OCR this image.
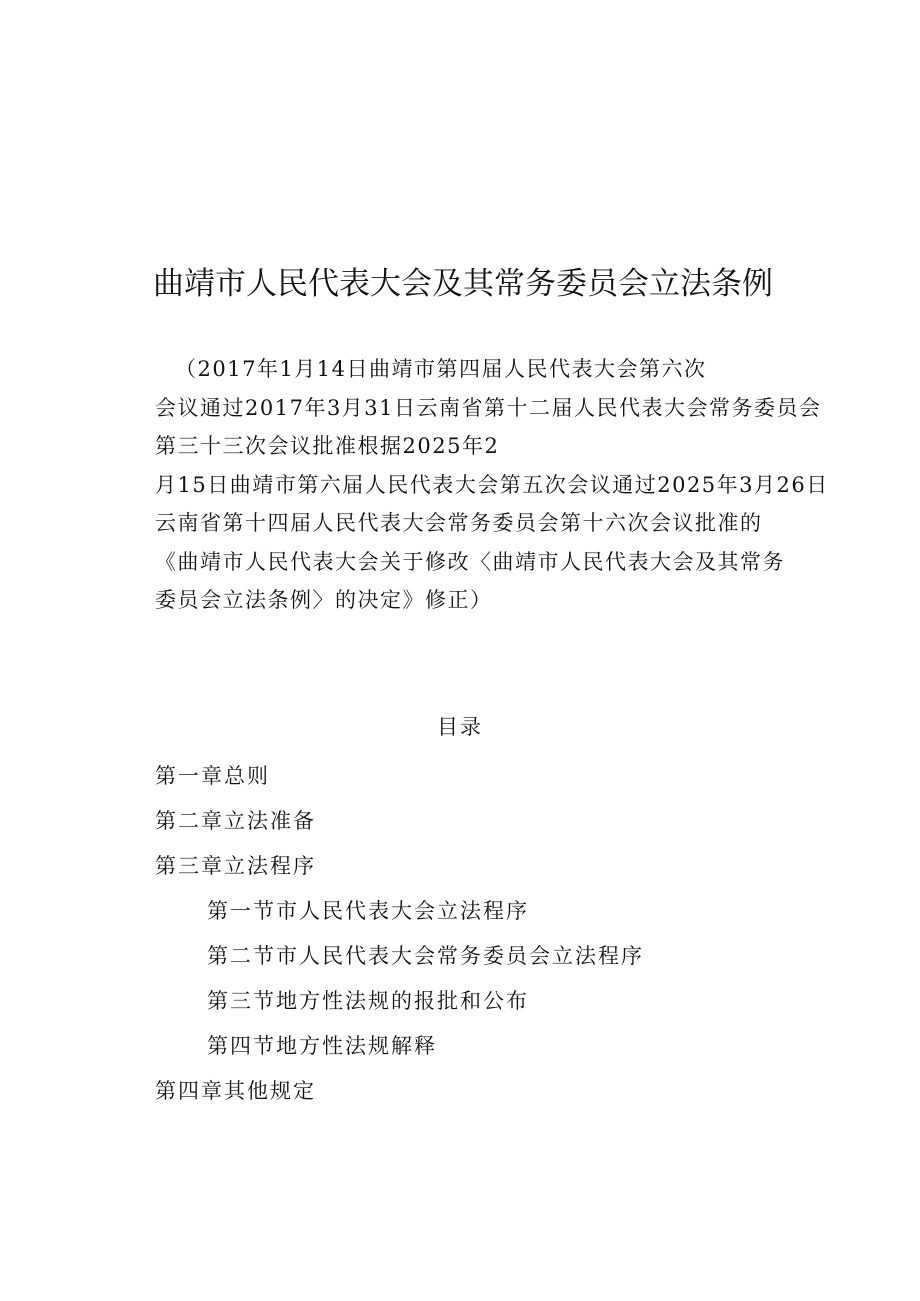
曲靖市人民代表大会及其常务委员会立法条例
（2017年1月14日曲靖市第四届人民代表大会第六次
会议通过2017年3月31日云南省第十二届人民代表大会常务委员会
第三十三次会议批准根据2025年2
月15日曲靖市第六届人民代表大会第五次会议通过2025年3月26日
云南省第十四届人民代表大会常务委员会第十六次会议批准的
《曲靖市人民代表大会关于修改〈曲靖市人民代表大会及其常务
委员会立法条例〉的决定》修正）
目录
第一章总则
第二章立法准备
第三章立法程序
第一节市人民代表大会立法程序
第二节市人民代表大会常务委员会立法程序
第三节地方性法规的报批和公布
第四节地方性法规解释
第四章其他规定
